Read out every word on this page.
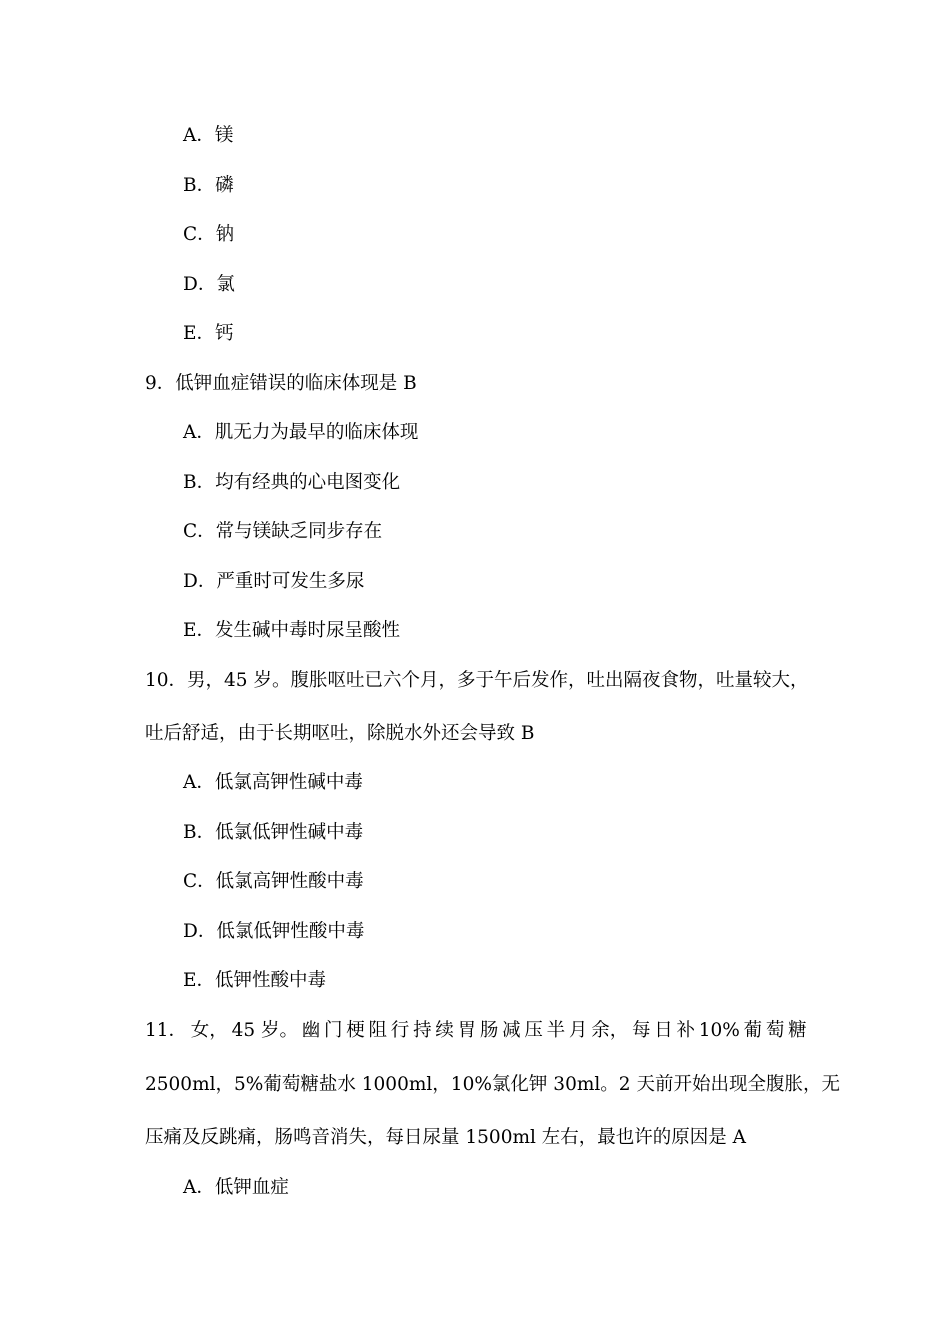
A．镁
B．磷
C．钠
D．氯
E．钙
9．低钾血症错误的临床体现是 B
A．肌无力为最早的临床体现
B．均有经典的心电图变化
C．常与镁缺乏同步存在
D．严重时可发生多尿
E．发生碱中毒时尿呈酸性
10．男，45 岁。腹胀呕吐已六个月，多于午后发作，吐出隔夜食物，吐量较大，
吐后舒适，由于长期呕吐，除脱水外还会导致 B
A．低氯高钾性碱中毒
B．低氯低钾性碱中毒
C．低氯高钾性酸中毒
D．低氯低钾性酸中毒
E．低钾性酸中毒
11． 女， 45 岁。 幽 门 梗 阻 行 持 续 胃 肠 减 压 半 月 余， 每 日 补 10% 葡 萄 糖
2500ml，5%葡萄糖盐水 1000ml，10%氯化钾 30ml。2 天前开始出现全腹胀，无
压痛及反跳痛，肠鸣音消失，每日尿量 1500ml 左右，最也许的原因是 A
A．低钾血症
